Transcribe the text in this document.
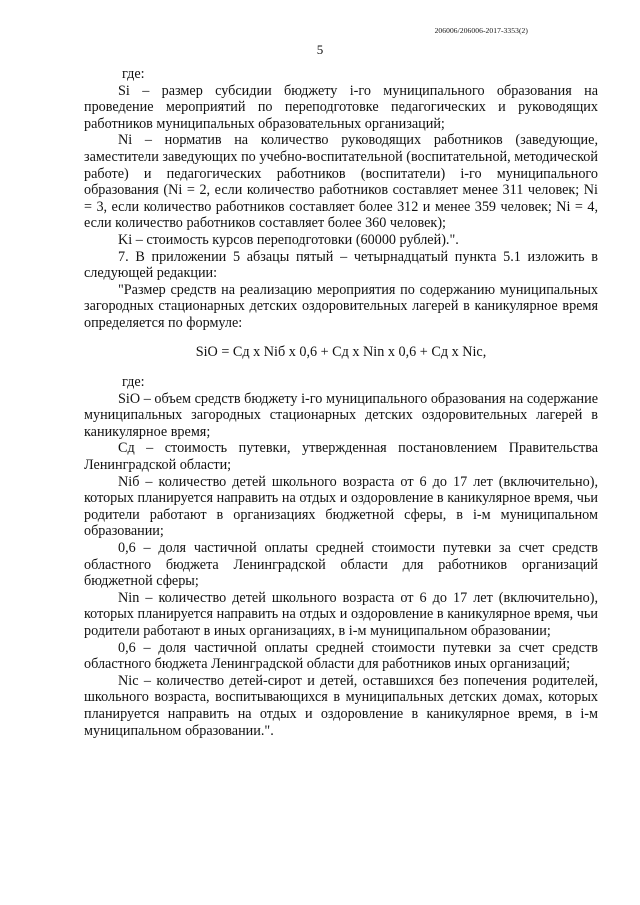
206006/206006-2017-3353(2)
5

где:

Si – размер субсидии бюджету i-го муниципального образования на проведение мероприятий по переподготовке педагогических и руководящих работников муниципальных образовательных организаций;

Ni – норматив на количество руководящих работников (заведующие, заместители заведующих по учебно-воспитательной (воспитательной, методической работе) и педагогических работников (воспитатели) i-го муниципального образования (Ni = 2, если количество работников составляет менее 311 человек; Ni = 3, если количество работников составляет более 312 и менее 359 человек; Ni = 4, если количество работников составляет более 360 человек);

Ki – стоимость курсов переподготовки (60000 рублей).".

7. В приложении 5 абзацы пятый – четырнадцатый пункта 5.1 изложить в следующей редакции:

"Размер средств на реализацию мероприятия по содержанию муниципальных загородных стационарных детских оздоровительных лагерей в каникулярное время определяется по формуле:

SiO = Сд х Niб х 0,6 + Сд х Nin х 0,6 + Сд х Nic,

где:

SiO – объем средств бюджету i-го муниципального образования на содержание муниципальных загородных стационарных детских оздоровительных лагерей в каникулярное время;

Сд – стоимость путевки, утвержденная постановлением Правительства Ленинградской области;

Niб – количество детей школьного возраста от 6 до 17 лет (включительно), которых планируется направить на отдых и оздоровление в каникулярное время, чьи родители работают в организациях бюджетной сферы, в i-м муниципальном образовании;

0,6 – доля частичной оплаты средней стоимости путевки за счет средств областного бюджета Ленинградской области для работников организаций бюджетной сферы;

Nin – количество детей школьного возраста от 6 до 17 лет (включительно), которых планируется направить на отдых и оздоровление в каникулярное время, чьи родители работают в иных организациях, в i-м муниципальном образовании;

0,6 – доля частичной оплаты средней стоимости путевки за счет средств областного бюджета Ленинградской области для работников иных организаций;

Nic – количество детей-сирот и детей, оставшихся без попечения родителей, школьного возраста, воспитывающихся в муниципальных детских домах, которых планируется направить на отдых и оздоровление в каникулярное время, в i-м муниципальном образовании.".
